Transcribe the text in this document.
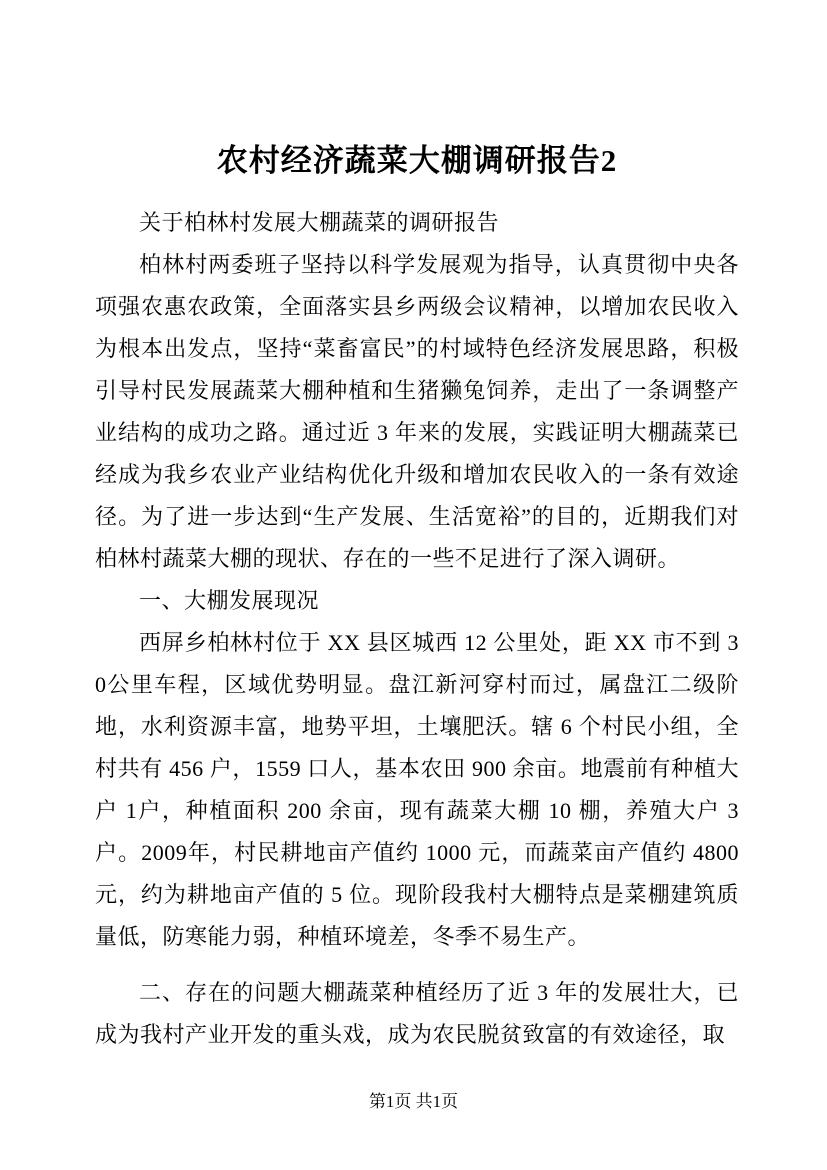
农村经济蔬菜大棚调研报告2

关于柏林村发展大棚蔬菜的调研报告

柏林村两委班子坚持以科学发展观为指导，认真贯彻中央各项强农惠农政策，全面落实县乡两级会议精神，以增加农民收入为根本出发点，坚持“菜畜富民”的村域特色经济发展思路，积极引导村民发展蔬菜大棚种植和生猪獭兔饲养，走出了一条调整产业结构的成功之路。通过近 3 年来的发展，实践证明大棚蔬菜已经成为我乡农业产业结构优化升级和增加农民收入的一条有效途径。为了进一步达到“生产发展、生活宽裕”的目的，近期我们对柏林村蔬菜大棚的现状、存在的一些不足进行了深入调研。

一、大棚发展现况

西屏乡柏林村位于 XX 县区城西 12 公里处，距 XX 市不到 30公里车程，区域优势明显。盘江新河穿村而过，属盘江二级阶地，水利资源丰富，地势平坦，土壤肥沃。辖 6 个村民小组，全村共有 456 户，1559 口人，基本农田 900 余亩。地震前有种植大户 1户，种植面积 200 余亩，现有蔬菜大棚 10 棚，养殖大户 3 户。2009年，村民耕地亩产值约 1000 元，而蔬菜亩产值约 4800 元，约为耕地亩产值的 5 位。现阶段我村大棚特点是菜棚建筑质量低，防寒能力弱，种植环境差，冬季不易生产。

二、存在的问题大棚蔬菜种植经历了近 3 年的发展壮大，已成为我村产业开发的重头戏，成为农民脱贫致富的有效途径，取

第1页 共1页
